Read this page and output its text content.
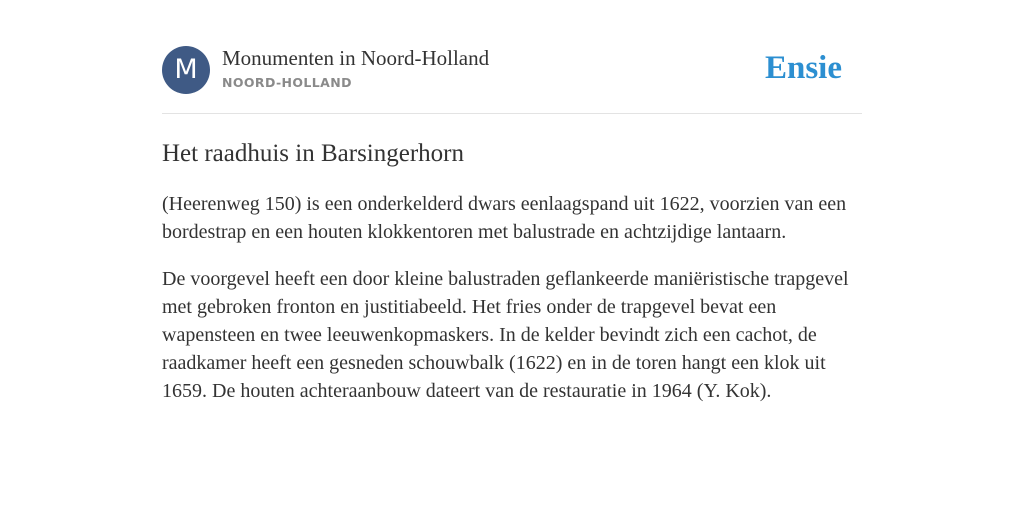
M	Monumenten in Noord-Holland
NOORD-HOLLAND	Ensie
Het raadhuis in Barsingerhorn

(Heerenweg 150) is een onderkelderd dwars eenlaagspand uit 1622, voorzien van een bordestrap en een houten klokkentoren met balustrade en achtzijdige lantaarn.

De voorgevel heeft een door kleine balustraden geflankeerde maniëristische trapgevel met gebroken fronton en justitiabeeld. Het fries onder de trapgevel bevat een wapensteen en twee leeuwenkopmaskers. In de kelder bevindt zich een cachot, de raadkamer heeft een gesneden schouwbalk (1622) en in de toren hangt een klok uit 1659. De houten achteraanbouw dateert van de restauratie in 1964 (Y. Kok).
